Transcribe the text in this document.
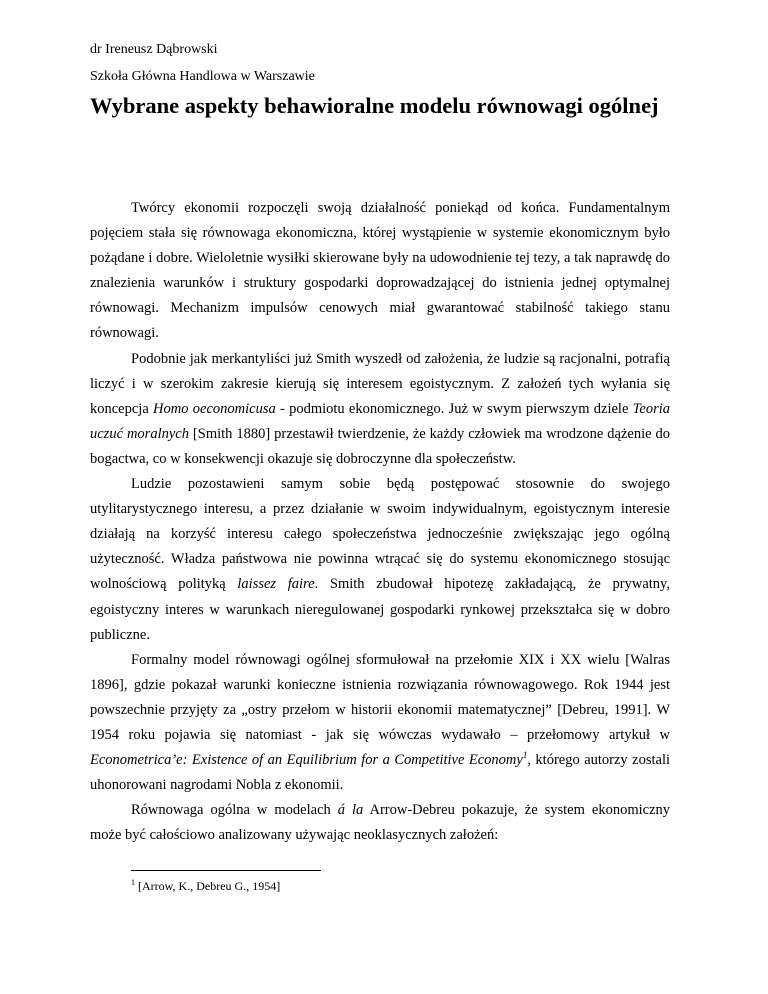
dr Ireneusz Dąbrowski
Szkoła Główna Handlowa w Warszawie
Wybrane aspekty behawioralne modelu równowagi ogólnej

Twórcy ekonomii rozpoczęli swoją działalność poniekąd od końca. Fundamentalnym pojęciem stała się równowaga ekonomiczna, której wystąpienie w systemie ekonomicznym było pożądane i dobre. Wieloletnie wysiłki skierowane były na udowodnienie tej tezy, a tak naprawdę do znalezienia warunków i struktury gospodarki doprowadzającej do istnienia jednej optymalnej równowagi. Mechanizm impulsów cenowych miał gwarantować stabilność takiego stanu równowagi.

Podobnie jak merkantyliści już Smith wyszedł od założenia, że ludzie są racjonalni, potrafią liczyć i w szerokim zakresie kierują się interesem egoistycznym. Z założeń tych wyłania się koncepcja Homo oeconomicusa - podmiotu ekonomicznego. Już w swym pierwszym dziele Teoria uczuć moralnych [Smith 1880] przestawił twierdzenie, że każdy człowiek ma wrodzone dążenie do bogactwa, co w konsekwencji okazuje się dobroczynne dla społeczeństw.

Ludzie pozostawieni samym sobie będą postępować stosownie do swojego utylitarystycznego interesu, a przez działanie w swoim indywidualnym, egoistycznym interesie działają na korzyść interesu całego społeczeństwa jednocześnie zwiększając jego ogólną użyteczność. Władza państwowa nie powinna wtrącać się do systemu ekonomicznego stosując wolnościową polityką laissez faire. Smith zbudował hipotezę zakładającą, że prywatny, egoistyczny interes w warunkach nieregulowanej gospodarki rynkowej przekształca się w dobro publiczne.

Formalny model równowagi ogólnej sformułował na przełomie XIX i XX wielu [Walras 1896], gdzie pokazał warunki konieczne istnienia rozwiązania równowagowego. Rok 1944 jest powszechnie przyjęty za „ostry przełom w historii ekonomii matematycznej” [Debreu, 1991]. W 1954 roku pojawia się natomiast - jak się wówczas wydawało – przełomowy artykuł w Econometrica’e: Existence of an Equilibrium for a Competitive Economy$^1$, którego autorzy zostali uhonorowani nagrodami Nobla z ekonomii.

Równowaga ogólna w modelach á la Arrow-Debreu pokazuje, że system ekonomiczny może być całościowo analizowany używając neoklasycznych założeń:

$^1$ [Arrow, K., Debreu G., 1954]
